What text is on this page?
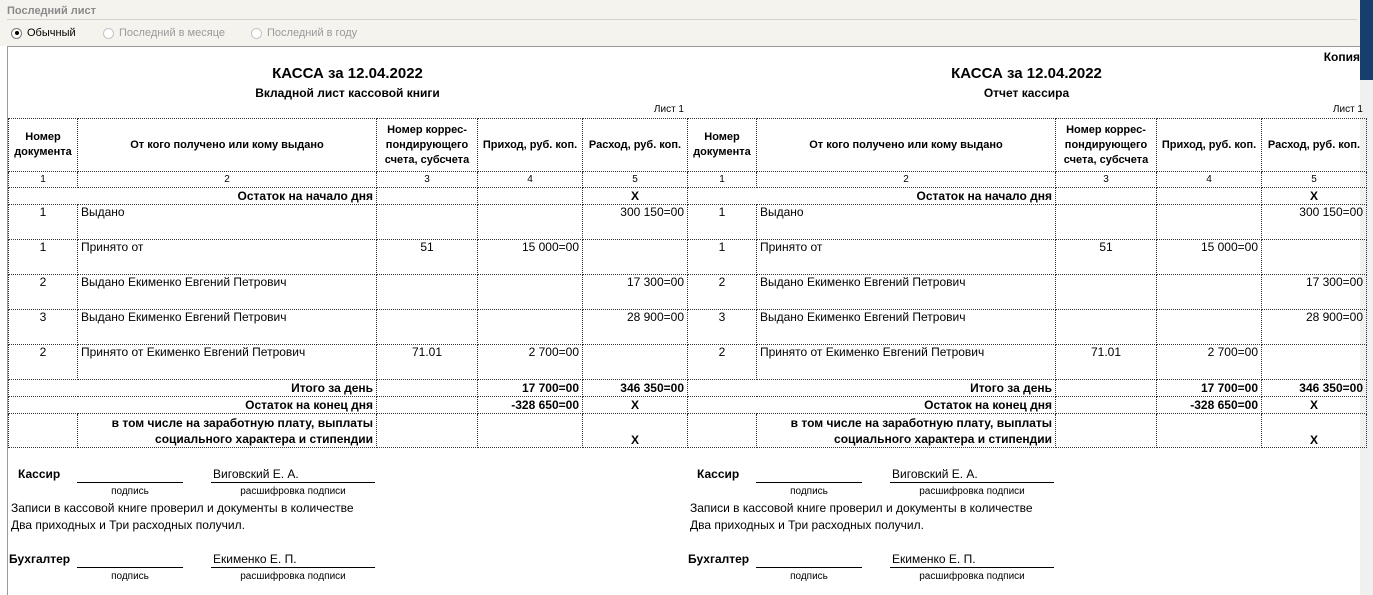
Последний лист
Обычный	Последний в месяце	Последний в году
Копия
КАССА за 12.04.2022
Вкладной лист кассовой книги
Лист 1
Номер документа	От кого получено или кому выдано	Номер коррес-пондирующего счета, субсчета	Приход, руб. коп.	Расход, руб. коп.
1	2	3	4	5
Остаток на начало дня				X
1	Выдано			300 150=00
1	Принято от	51	15 000=00	
2	Выдано Екименко Евгений Петрович			17 300=00
3	Выдано Екименко Евгений Петрович			28 900=00
2	Принято от Екименко Евгений Петрович	71.01	2 700=00	
Итого за день			17 700=00	346 350=00
Остаток на конец дня			-328 650=00	X
	в том числе на заработную плату, выплаты социального характера и стипендии			X
Кассир	Виговский Е. А.
подпись	расшифровка подписи
Записи в кассовой книге проверил и документы в количестве
Два приходных и Три расходных получил.
Бухгалтер	Екименко Е. П.
подпись	расшифровка подписи
КАССА за 12.04.2022
Отчет кассира
Лист 1
Номер документа	От кого получено или кому выдано	Номер коррес-пондирующего счета, субсчета	Приход, руб. коп.	Расход, руб. коп.
1	2	3	4	5
Остаток на начало дня				X
1	Выдано			300 150=00
1	Принято от	51	15 000=00	
2	Выдано Екименко Евгений Петрович			17 300=00
3	Выдано Екименко Евгений Петрович			28 900=00
2	Принято от Екименко Евгений Петрович	71.01	2 700=00	
Итого за день			17 700=00	346 350=00
Остаток на конец дня			-328 650=00	X
	в том числе на заработную плату, выплаты социального характера и стипендии			X
Кассир	Виговский Е. А.
подпись	расшифровка подписи
Записи в кассовой книге проверил и документы в количестве
Два приходных и Три расходных получил.
Бухгалтер	Екименко Е. П.
подпись	расшифровка подписи
